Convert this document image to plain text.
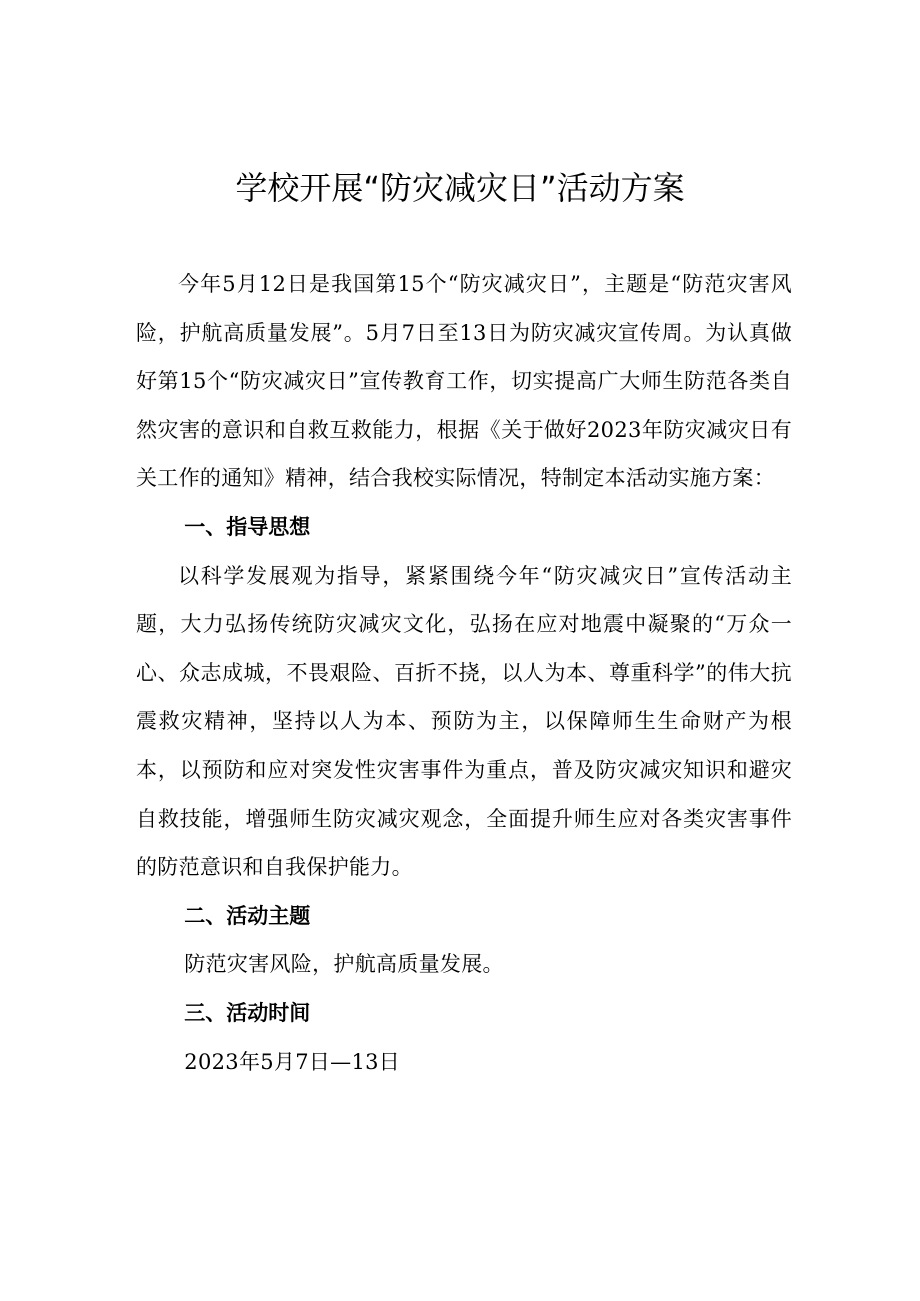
学校开展“防灾减灾日”活动方案

今年5月12日是我国第15个“防灾减灾日”，主题是“防范灾害风险，护航高质量发展”。5月7日至13日为防灾减灾宣传周。为认真做好第15个“防灾减灾日”宣传教育工作，切实提高广大师生防范各类自然灾害的意识和自救互救能力，根据《关于做好2023年防灾减灾日有关工作的通知》精神，结合我校实际情况，特制定本活动实施方案：

一、指导思想

以科学发展观为指导，紧紧围绕今年“防灾减灾日”宣传活动主题，大力弘扬传统防灾减灾文化，弘扬在应对地震中凝聚的“万众一心、众志成城，不畏艰险、百折不挠，以人为本、尊重科学”的伟大抗震救灾精神，坚持以人为本、预防为主，以保障师生生命财产为根本，以预防和应对突发性灾害事件为重点，普及防灾减灾知识和避灾自救技能，增强师生防灾减灾观念，全面提升师生应对各类灾害事件的防范意识和自我保护能力。

二、活动主题

防范灾害风险，护航高质量发展。

三、活动时间

2023年5月7日—13日
